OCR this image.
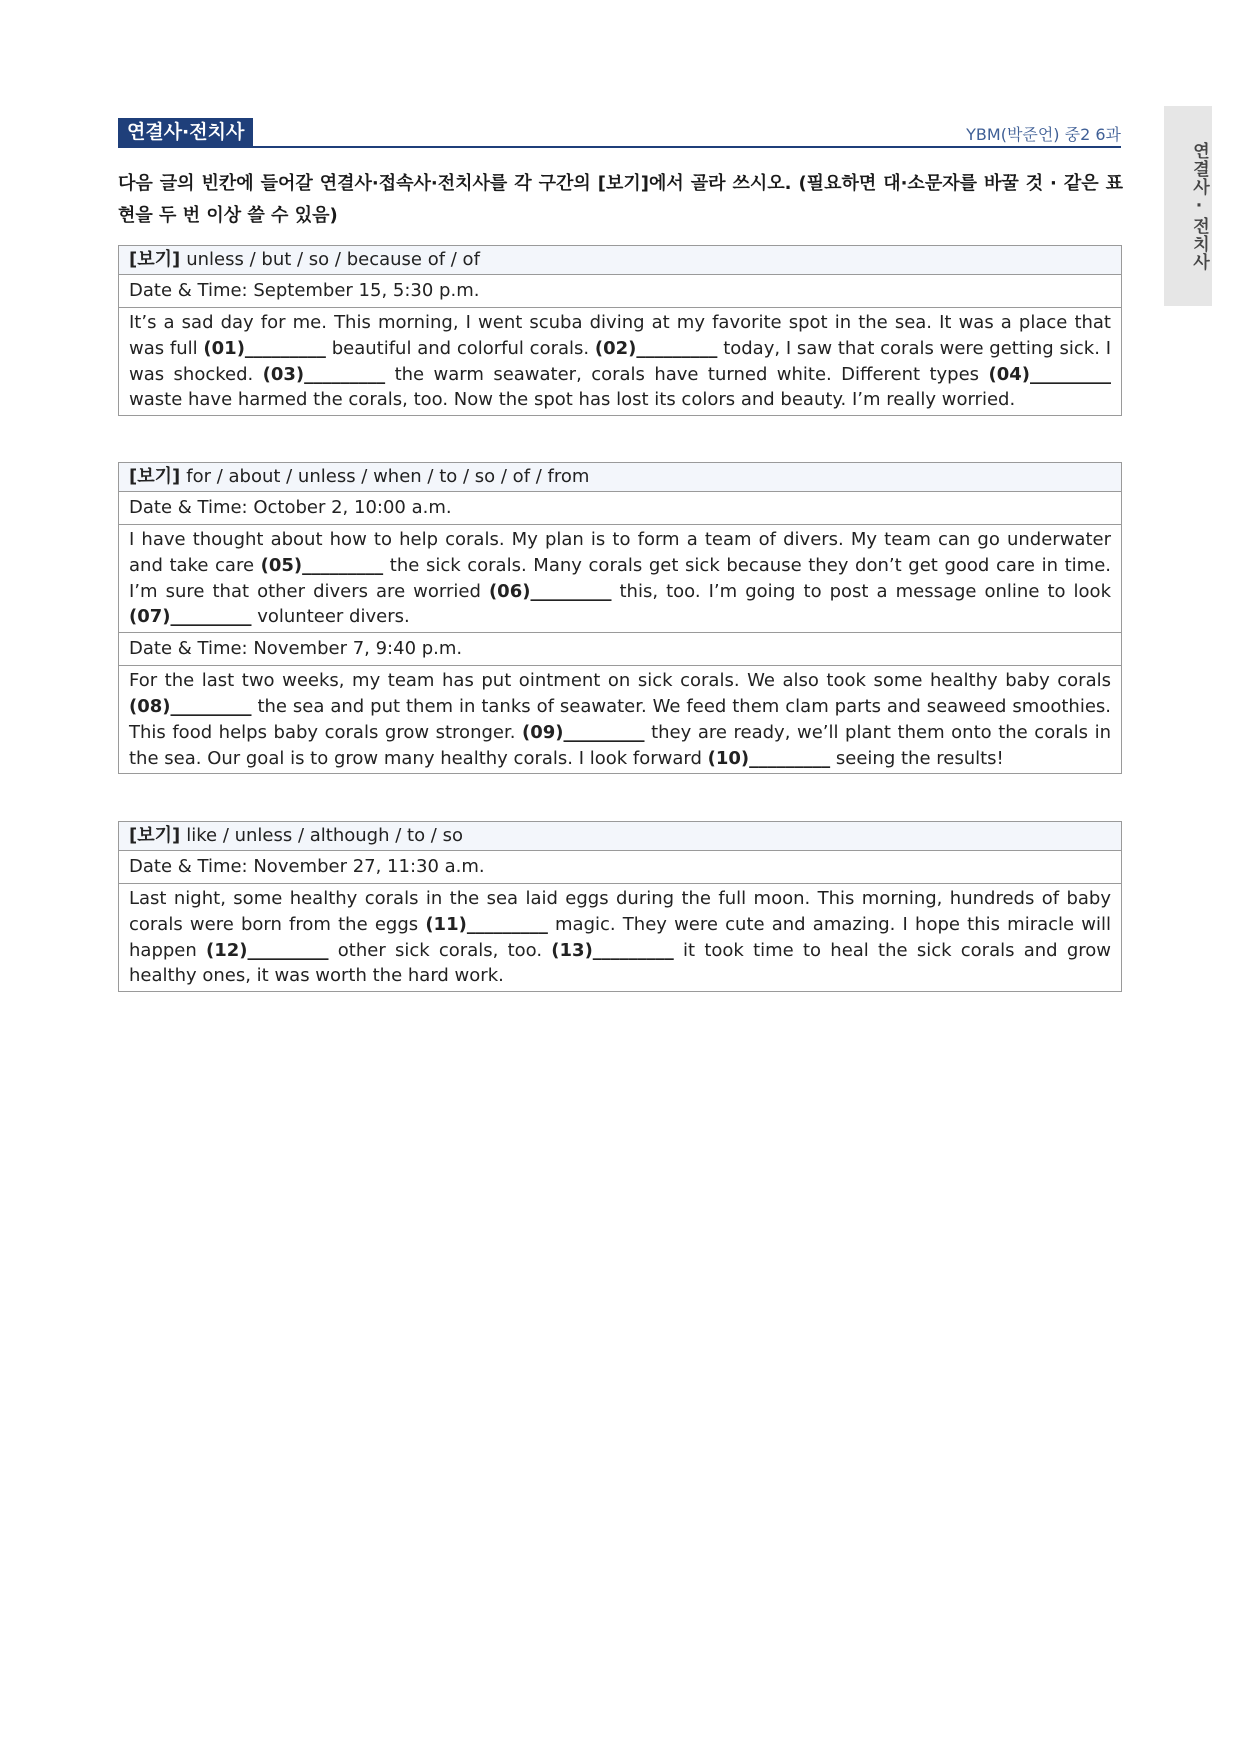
연결사·전치사	YBM(박준언) 중2 6과
연결사·전치사
다음 글의 빈칸에 들어갈 연결사·접속사·전치사를 각 구간의 [보기]에서 골라 쓰시오. (필요하면 대·소문자를 바꿀 것 · 같은 표현을 두 번 이상 쓸 수 있음)
[보기] unless / but / so / because of / of
Date & Time: September 15, 5:30 p.m.
It’s a sad day for me. This morning, I went scuba diving at my favorite spot in the sea. It was a place that was full (01)_________ beautiful and colorful corals. (02)_________ today, I saw that corals were getting sick. I was shocked. (03)_________ the warm seawater, corals have turned white. Different types (04)_________ waste have harmed the corals, too. Now the spot has lost its colors and beauty. I’m really worried.
[보기] for / about / unless / when / to / so / of / from
Date & Time: October 2, 10:00 a.m.
I have thought about how to help corals. My plan is to form a team of divers. My team can go underwater and take care (05)_________ the sick corals. Many corals get sick because they don’t get good care in time. I’m sure that other divers are worried (06)_________ this, too. I’m going to post a message online to look (07)_________ volunteer divers.
Date & Time: November 7, 9:40 p.m.
For the last two weeks, my team has put ointment on sick corals. We also took some healthy baby corals (08)_________ the sea and put them in tanks of seawater. We feed them clam parts and seaweed smoothies. This food helps baby corals grow stronger. (09)_________ they are ready, we’ll plant them onto the corals in the sea. Our goal is to grow many healthy corals. I look forward (10)_________ seeing the results!
[보기] like / unless / although / to / so
Date & Time: November 27, 11:30 a.m.
Last night, some healthy corals in the sea laid eggs during the full moon. This morning, hundreds of baby corals were born from the eggs (11)_________ magic. They were cute and amazing. I hope this miracle will happen (12)_________ other sick corals, too. (13)_________ it took time to heal the sick corals and grow healthy ones, it was worth the hard work.
